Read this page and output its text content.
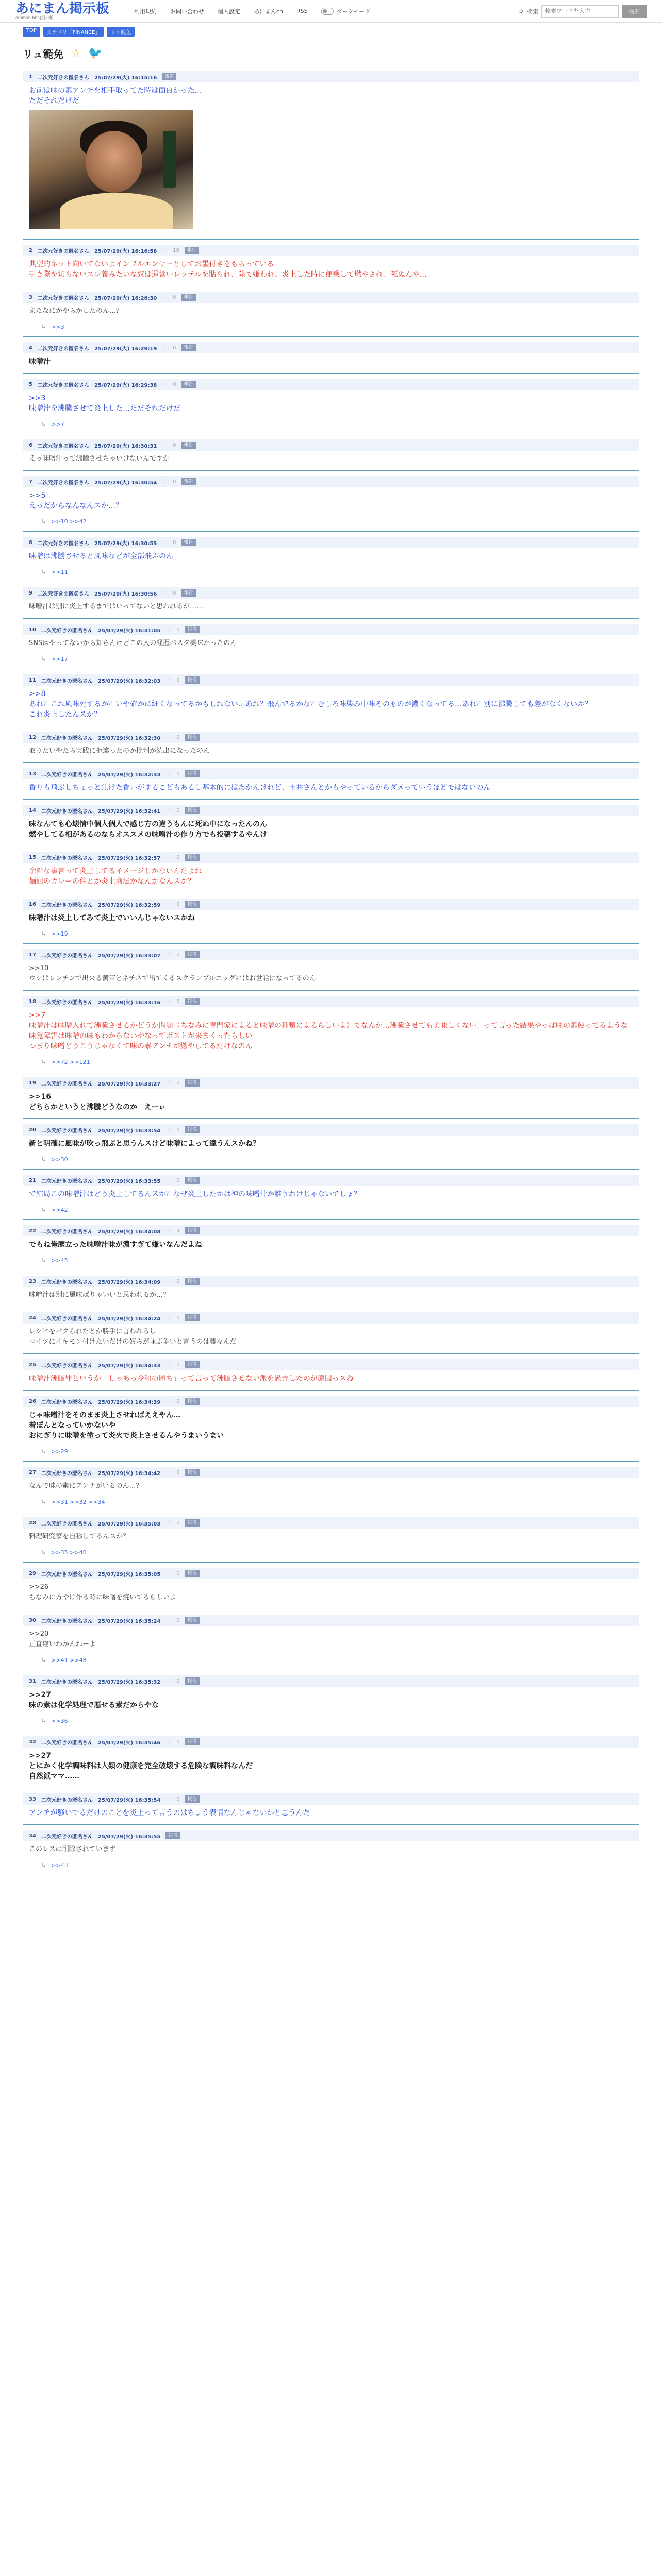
あにまん掲示板
animan bbs|掲示板
利用規約 お問い合わせ 個人設定 あにまんch RSS	ダークモード	⌕ 検索
検索ワードを入力	検索
TOP	カテゴリ「FINANCE」	リュ範免
リュ範免 ☆ 🐦
1 二次元好きの匿名さん 25/07/29(火) 16:15:16	報告
お前は味の素アンチを相手取ってた時は面白かった…
ただそれだけだ
2 二次元好きの匿名さん 25/07/29(火) 16:16:58 ♡ 16	報告
典型的ネット向いてないよインフルエンサーとしてお墨付きをもらっている
引き際を知らないスレ義みたいな奴は運営いレッテルを貼られ、陸で嫌われ、炎上した時に便乗して燃やされ、死ぬんや…
3 二次元好きの匿名さん 25/07/29(火) 16:26:30 ♡ 0	報告
またなにかやらかしたのん…？
↳ >>3
4 二次元好きの匿名さん 25/07/29(火) 16:29:19 ♡ 0	報告
味噌汁
5 二次元好きの匿名さん 25/07/29(火) 16:29:38 ♡ 0	報告
>>3
味噌汁を沸騰させて炎上した…ただそれだけだ
↳ >>7
6 二次元好きの匿名さん 25/07/29(火) 16:30:31 ♡ 0	報告
えっ味噌汁って沸騰させちゃいけないんですか
7 二次元好きの匿名さん 25/07/29(火) 16:30:54 ♡ 0	報告
>>5
えっだからなんなんスか…？
↳ >>10 >>42
8 二次元好きの匿名さん 25/07/29(火) 16:30:55 ♡ 0	報告
味噌は沸騰させると風味などが全部飛ぶのん
↳ >>11
9 二次元好きの匿名さん 25/07/29(火) 16:30:56 ♡ 0	報告
味噌汁は別に炎上するまではいってないと思われるが……
10 二次元好きの匿名さん 25/07/29(火) 16:31:05 ♡ 0	報告
SNSはやってないから知らんけどこの人の経歴パスタ美味かったのん
↳ >>17
11 二次元好きの匿名さん 25/07/29(火) 16:32:03 ♡ 0	報告
>>8
あれ？これ風味死するか？いや確かに細くなってるかもしれない…あれ？飛んでるかな？むしろ味染み中味そのものが濃くなってる…あれ？別に沸騰しても差がなくないか？
これ炎上したんスか？
12 二次元好きの匿名さん 25/07/29(火) 16:32:30 ♡ 0	報告
取りたいやたら実践に拒違ったのか批判が続出になったのん
13 二次元好きの匿名さん 25/07/29(火) 16:32:33 ♡ 0	報告
香りも飛ぶしちょっと焦げた香いがするこどもあるし基本的にはあかんけれど、土井さんとかもやっているからダメっていうほどではないのん
14 二次元好きの匿名さん 25/07/29(火) 16:32:41 ♡ 0	報告
味なんても心壊情中個人個人で感じ方の違うもんに死ぬ中になったんのん
燃やしてる相があるのならオススメの味噌汁の作り方でも投稿するやんけ
15 二次元好きの匿名さん 25/07/29(火) 16:32:57 ♡ 0	報告
余計な事言って炎上してるイメージしかないんだよね
麺回のカレーの件とか炎上商法かなんかなんスか？
16 二次元好きの匿名さん 25/07/29(火) 16:32:59 ♡ 0	報告
味噌汁は炎上してみて炎上でいいんじゃないスかね
↳ >>19
17 二次元好きの匿名さん 25/07/29(火) 16:33:07 ♡ 0	報告
>>10
ウシはレンチンで出来る黄苗とネチネで出てくるスクランブルエッグにはお世話になってるのん
18 二次元好きの匿名さん 25/07/29(火) 16:33:16 ♡ 0	報告
>>7
味噌汁は味噌入れて沸騰させるかどうか問題（ちなみに専門家によると味噌の種類によるらしいよ）でなんか…沸騰させても美味しくない！って言った結果やっぱ味の素使ってるような味覚障害は味噌の味もわからないやなってポストが来まくったらしい
つまり味噌どうこうじゃなくて味の素アンチが燃やしてるだけなのん
↳ >>72 >>121
19 二次元好きの匿名さん 25/07/29(火) 16:33:27 ♡ 0	報告
>>16
どちらかというと沸騰どうなのか　えーぃ
20 二次元好きの匿名さん 25/07/29(火) 16:33:54 ♡ 0	報告
新と明確に風味が吹っ飛ぶと思うんスけど味噌によって違うんスかね？
↳ >>30
21 二次元好きの匿名さん 25/07/29(火) 16:33:55 ♡ 0	報告
で結局この味噌汁はどう炎上してるんスか？なぜ炎上したかは神の味噌汁か誰うわけじゃないでしょ？
↳ >>42
22 二次元好きの匿名さん 25/07/29(火) 16:34:08 ♡ 4	報告
でもね俺歴立った味噌汁味が濃すぎて嫌いなんだよね
↳ >>45
23 二次元好きの匿名さん 25/07/29(火) 16:34:09 ♡ 0	報告
味噌汁は別に風味ばりゃいいと思われるが…？
24 二次元好きの匿名さん 25/07/29(火) 16:34:24 ♡ 0	報告
レシピをパクられたとか勝手に言われるし
コイツにイキモン付けたいだけの奴らが並ぶ争いと言うのは嘘なんだ
25 二次元好きの匿名さん 25/07/29(火) 16:34:33 ♡ 0	報告
味噌汁沸騰罪というか「しゃあっ令和の勝ち」って言って沸騰させない派を愚弄したのが原因っスね
26 二次元好きの匿名さん 25/07/29(火) 16:34:39 ♡ 0	報告
じゃ味噌汁をそのまま炎上させればええやん…
着ぼんとなっていかないや
おにぎりに味噌を塗って炎火で炎上させるんやうまいうまい
↳ >>29
27 二次元好きの匿名さん 25/07/29(火) 16:34:42 ♡ 0	報告
なんで味の素にアンチがいるのん…？
↳ >>31 >>32 >>34
28 二次元好きの匿名さん 25/07/29(火) 16:35:03 ♡ 0	報告
料理研究家を自称してるんスか？
↳ >>35 >>40
29 二次元好きの匿名さん 25/07/29(火) 16:35:05 ♡ 0	報告
>>26
ちなみに方やけ作る時に味噌を焼いてるらしいよ
30 二次元好きの匿名さん 25/07/29(火) 16:35:24 ♡ 0	報告
>>20
正直違いわかんねーよ
↳ >>41 >>48
31 二次元好きの匿名さん 25/07/29(火) 16:35:32 ♡ 0	報告
>>27
味の素は化学処理で悪せる素だからやな
↳ >>36
32 二次元好きの匿名さん 25/07/29(火) 16:35:46 ♡ 0	報告
>>27
とにかく化学調味料は人類の健康を完全破壊する危険な調味料なんだ
自然派ママ……
33 二次元好きの匿名さん 25/07/29(火) 16:35:54 ♡ 0	報告
アンチが騒いでるだけのことを炎上って言うのはちょう表情なんじゃないかと思うんだ
34 二次元好きの匿名さん 25/07/29(火) 16:35:55	報告
このレスは削除されています
↳ >>43
